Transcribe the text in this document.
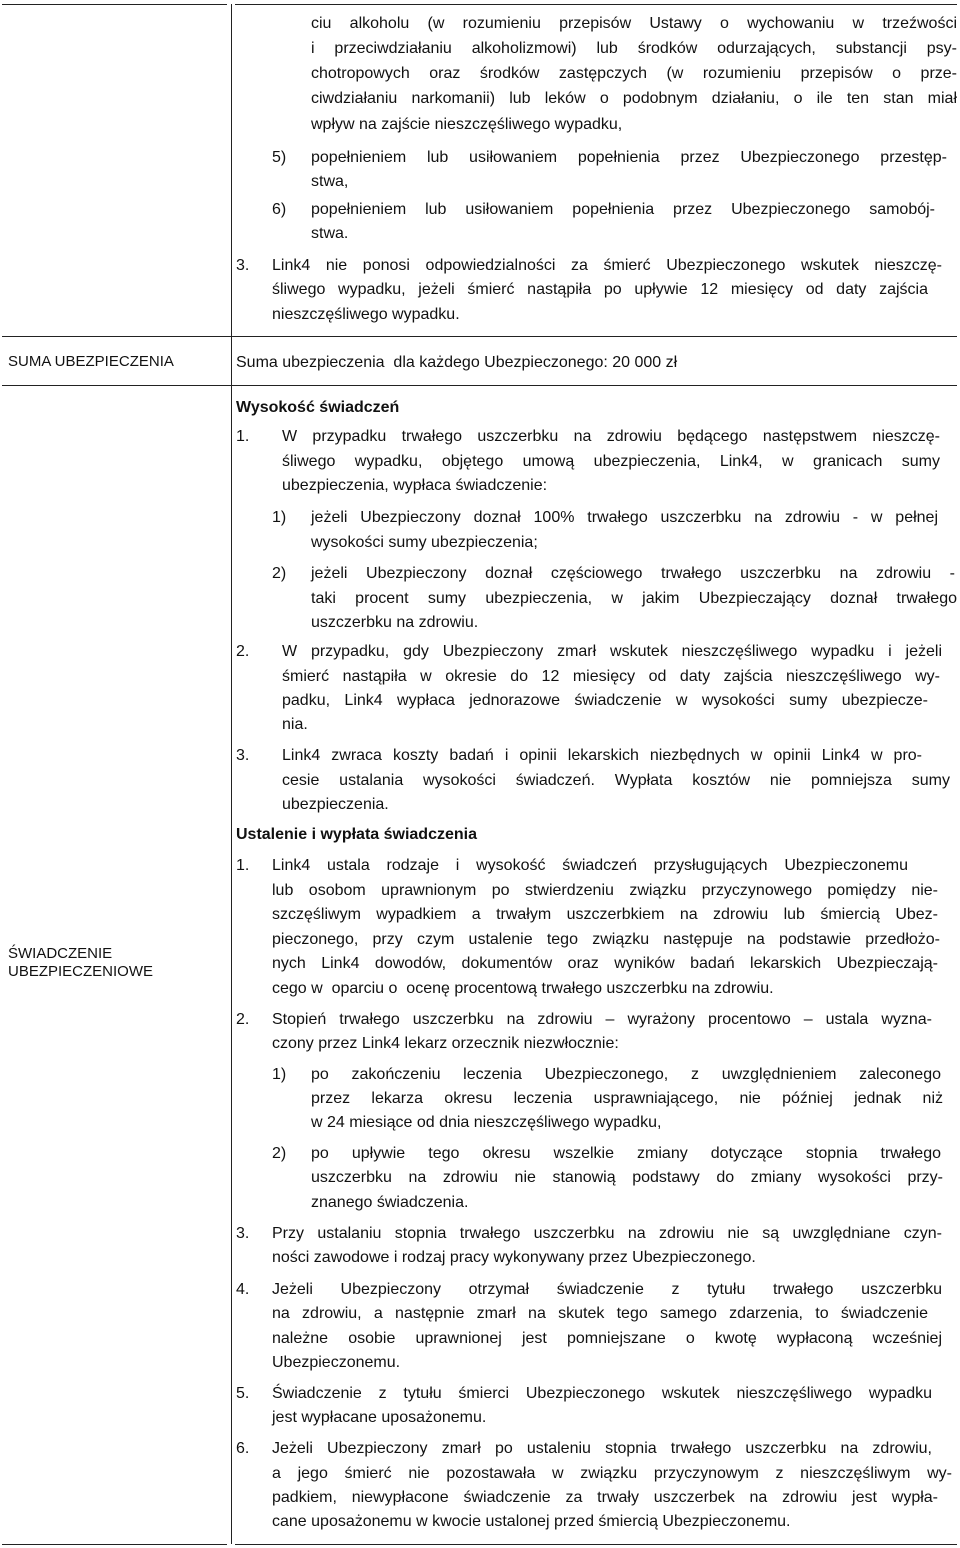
ciu alkoholu (w rozumieniu przepisów Ustawy o wychowaniu w trzeźwości
i przeciwdziałaniu alkoholizmowi) lub środków odurzających, substancji psy-
chotropowych oraz środków zastępczych (w rozumieniu przepisów o prze-
ciwdziałaniu narkomanii) lub leków o podobnym działaniu, o ile ten stan miał
wpływ na zajście nieszczęśliwego wypadku,
5) popełnieniem lub usiłowaniem popełnienia przez Ubezpieczonego przestęp-
stwa,
6) popełnieniem lub usiłowaniem popełnienia przez Ubezpieczonego samobój-
stwa.
3. Link4 nie ponosi odpowiedzialności za śmierć Ubezpieczonego wskutek nieszczę-
śliwego wypadku, jeżeli śmierć nastąpiła po upływie 12 miesięcy od daty zajścia
nieszczęśliwego wypadku.
SUMA UBEZPIECZENIA	Suma ubezpieczenia  dla każdego Ubezpieczonego: 20 000 zł
ŚWIADCZENIE
UBEZPIECZENIOWE
Wysokość świadczeń
1. W przypadku trwałego uszczerbku na zdrowiu będącego następstwem nieszczę-
śliwego wypadku, objętego umową ubezpieczenia, Link4, w granicach sumy
ubezpieczenia, wypłaca świadczenie:
1) jeżeli Ubezpieczony doznał 100% trwałego uszczerbku na zdrowiu - w pełnej
wysokości sumy ubezpieczenia;
2) jeżeli Ubezpieczony doznał częściowego trwałego uszczerbku na zdrowiu -
taki procent sumy ubezpieczenia, w jakim Ubezpieczający doznał trwałego
uszczerbku na zdrowiu.
2. W przypadku, gdy Ubezpieczony zmarł wskutek nieszczęśliwego wypadku i jeżeli
śmierć nastąpiła w okresie do 12 miesięcy od daty zajścia nieszczęśliwego wy-
padku, Link4 wypłaca jednorazowe świadczenie w wysokości sumy ubezpiecze-
nia.
3. Link4 zwraca koszty badań i opinii lekarskich niezbędnych w opinii Link4 w pro-
cesie ustalania wysokości świadczeń. Wypłata kosztów nie pomniejsza sumy
ubezpieczenia.
Ustalenie i wypłata świadczenia
1. Link4 ustala rodzaje i wysokość świadczeń przysługujących Ubezpieczonemu
lub osobom uprawnionym po stwierdzeniu związku przyczynowego pomiędzy nie-
szczęśliwym wypadkiem a trwałym uszczerbkiem na zdrowiu lub śmiercią Ubez-
pieczonego, przy czym ustalenie tego związku następuje na podstawie przedłożo-
nych Link4 dowodów, dokumentów oraz wyników badań lekarskich Ubezpieczają-
cego w  oparciu o  ocenę procentową trwałego uszczerbku na zdrowiu.
2. Stopień trwałego uszczerbku na zdrowiu – wyrażony procentowo – ustala wyzna-
czony przez Link4 lekarz orzecznik niezwłocznie:
1) po zakończeniu leczenia Ubezpieczonego, z uwzględnieniem zaleconego
przez lekarza okresu leczenia usprawniającego, nie później jednak niż
w 24 miesiące od dnia nieszczęśliwego wypadku,
2) po upływie tego okresu wszelkie zmiany dotyczące stopnia trwałego
uszczerbku na zdrowiu nie stanowią podstawy do zmiany wysokości przy-
znanego świadczenia.
3. Przy ustalaniu stopnia trwałego uszczerbku na zdrowiu nie są uwzględniane czyn-
ności zawodowe i rodzaj pracy wykonywany przez Ubezpieczonego.
4. Jeżeli Ubezpieczony otrzymał świadczenie z tytułu trwałego uszczerbku
na zdrowiu, a następnie zmarł na skutek tego samego zdarzenia, to świadczenie
należne osobie uprawnionej jest pomniejszane o kwotę wypłaconą wcześniej
Ubezpieczonemu.
5. Świadczenie z tytułu śmierci Ubezpieczonego wskutek nieszczęśliwego wypadku
jest wypłacane uposażonemu.
6. Jeżeli Ubezpieczony zmarł po ustaleniu stopnia trwałego uszczerbku na zdrowiu,
a jego śmierć nie pozostawała w związku przyczynowym z nieszczęśliwym wy-
padkiem, niewypłacone świadczenie za trwały uszczerbek na zdrowiu jest wypła-
cane uposażonemu w kwocie ustalonej przed śmiercią Ubezpieczonemu.
